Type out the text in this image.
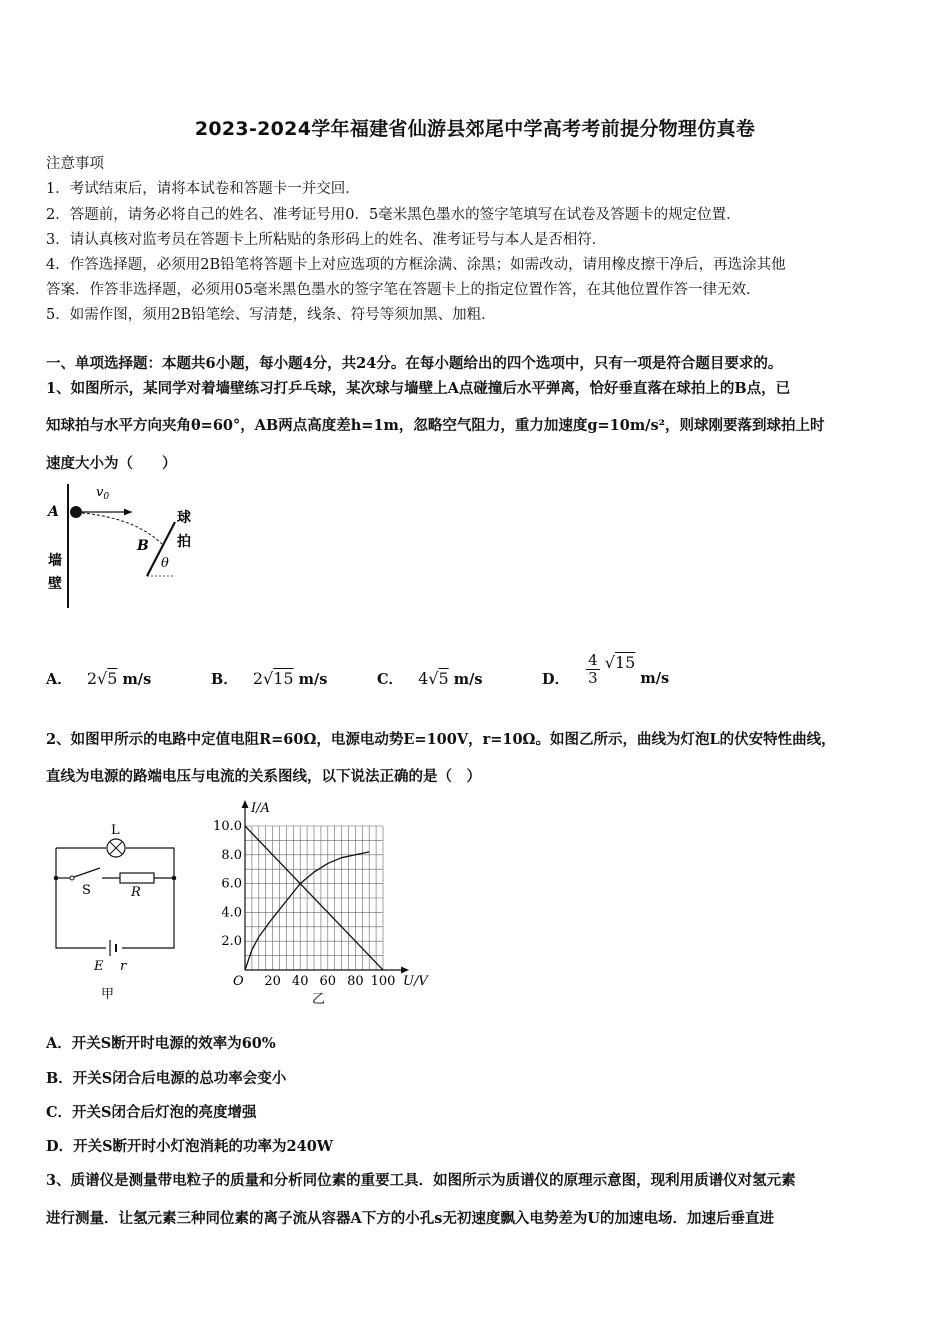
2023-2024学年福建省仙游县郊尾中学高考考前提分物理仿真卷
注意事项
1．考试结束后，请将本试卷和答题卡一并交回．
2．答题前，请务必将自己的姓名、准考证号用0．5毫米黑色墨水的签字笔填写在试卷及答题卡的规定位置．
3．请认真核对监考员在答题卡上所粘贴的条形码上的姓名、准考证号与本人是否相符．
4．作答选择题，必须用2B铅笔将答题卡上对应选项的方框涂满、涂黑；如需改动，请用橡皮擦干净后，再选涂其他
答案．作答非选择题，必须用05毫米黑色墨水的签字笔在答题卡上的指定位置作答，在其他位置作答一律无效．
5．如需作图，须用2B铅笔绘、写清楚，线条、符号等须加黑、加粗．
一、单项选择题：本题共6小题，每小题4分，共24分。在每小题给出的四个选项中，只有一项是符合题目要求的。
1、如图所示，某同学对着墙壁练习打乒乓球，某次球与墙壁上A点碰撞后水平弹离，恰好垂直落在球拍上的B点，已
知球拍与水平方向夹角θ=60°，AB两点高度差h=1m，忽略空气阻力，重力加速度g=10m/s²，则球刚要落到球拍上时
速度大小为（　　）
A
B
$v_0$
θ
墙
壁
球
拍
A． 2√5 m/s	B． 2√15 m/s	C． 4√5 m/s	D． $\frac{4}{3} √15$ m/s
2、如图甲所示的电路中定值电阻R=60Ω，电源电动势E=100V，r=10Ω。如图乙所示，曲线为灯泡L的伏安特性曲线，
直线为电源的路端电压与电流的关系图线，以下说法正确的是（　）
L
S	R
E r
甲
20 40 60 80 100
2.0
4.0
6.0
8.0
10.0
U/V
I/A
O
乙
A．开关S断开时电源的效率为60%
B．开关S闭合后电源的总功率会变小
C．开关S闭合后灯泡的亮度增强
D．开关S断开时小灯泡消耗的功率为240W
3、质谱仪是测量带电粒子的质量和分析同位素的重要工具．如图所示为质谱仪的原理示意图，现利用质谱仪对氢元素
进行测量．让氢元素三种同位素的离子流从容器A下方的小孔s无初速度飘入电势差为U的加速电场．加速后垂直进
